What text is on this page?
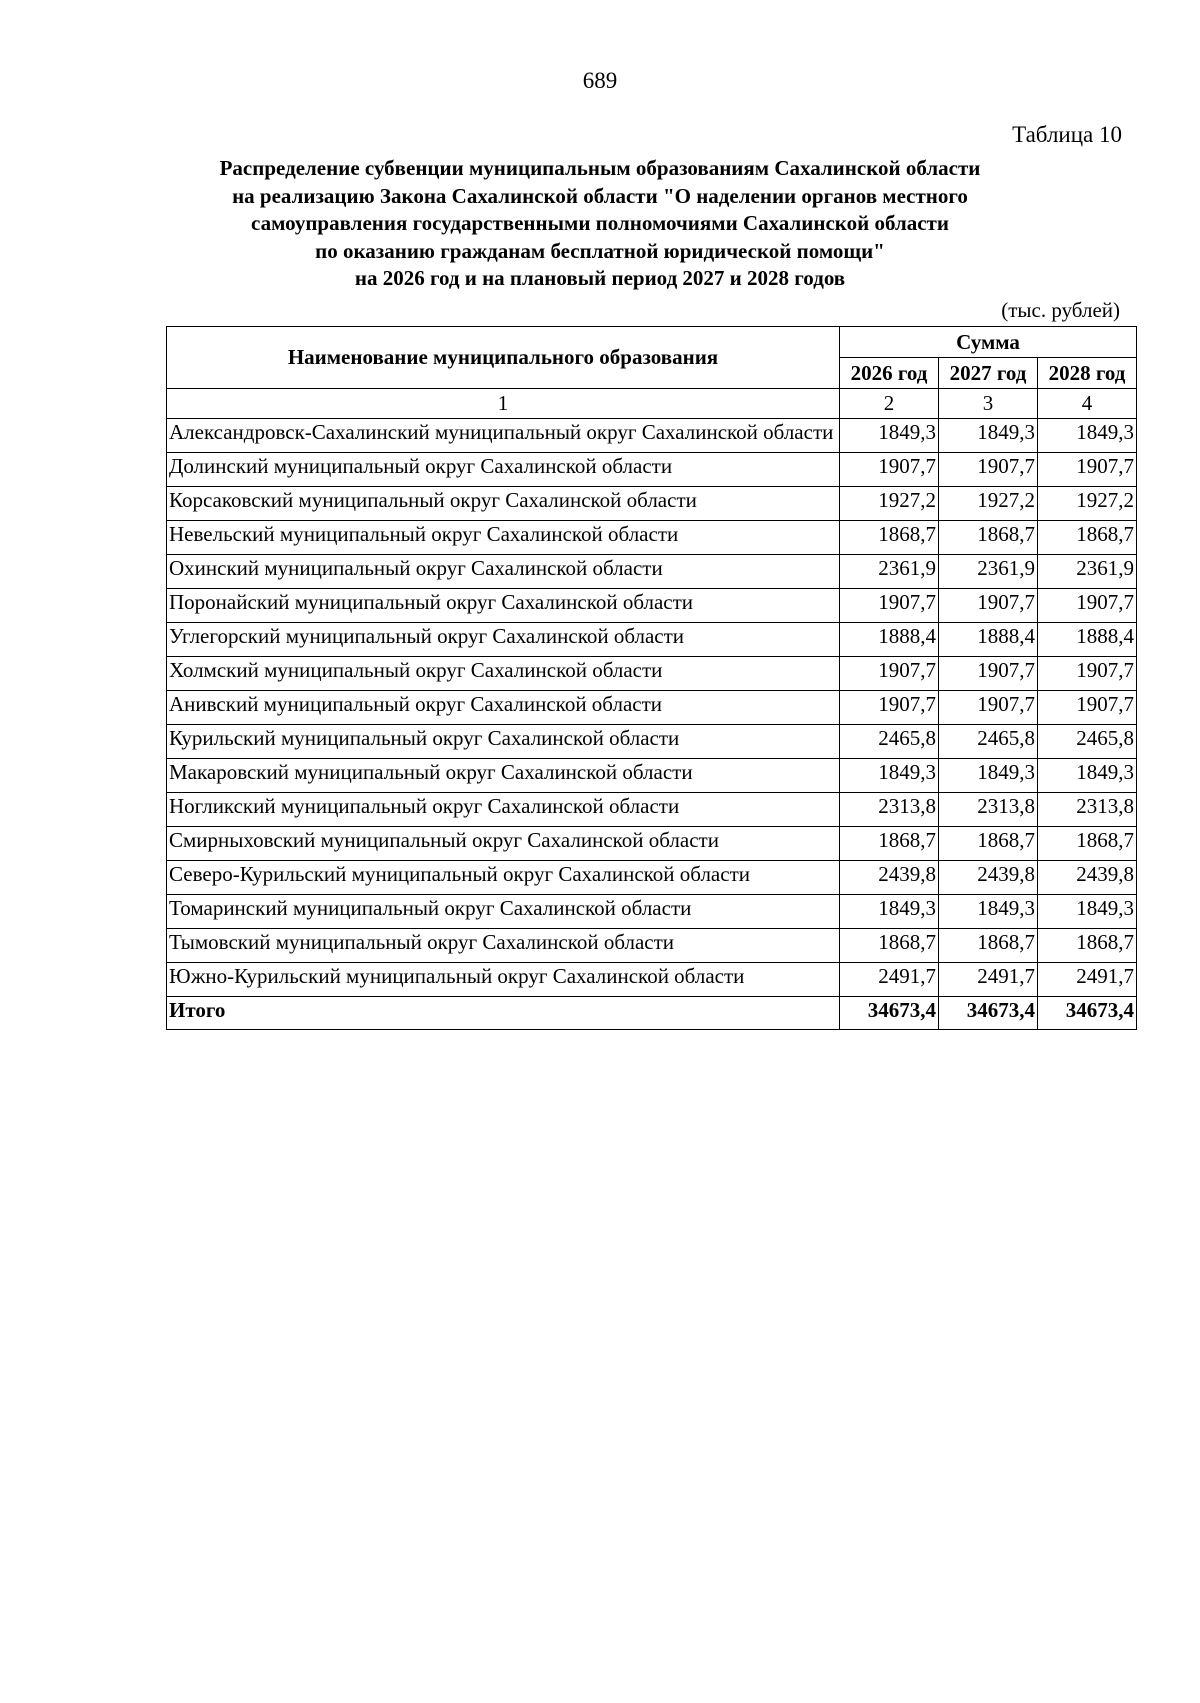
689
Таблица 10
Распределение субвенции муниципальным образованиям Сахалинской области
на реализацию Закона Сахалинской области "О наделении органов местного
самоуправления государственными полномочиями Сахалинской области
по оказанию гражданам бесплатной юридической помощи"
на 2026 год и на плановый период 2027 и 2028 годов
(тыс. рублей)
Наименование муниципального образования	Сумма		
	2026 год	2027 год	2028 год
1	2	3	4
Александровск-Сахалинский муниципальный округ Сахалинской области	1849,3	1849,3	1849,3
Долинский муниципальный округ Сахалинской области	1907,7	1907,7	1907,7
Корсаковский муниципальный округ Сахалинской области	1927,2	1927,2	1927,2
Невельский муниципальный округ Сахалинской области	1868,7	1868,7	1868,7
Охинский муниципальный округ Сахалинской области	2361,9	2361,9	2361,9
Поронайский муниципальный округ Сахалинской области	1907,7	1907,7	1907,7
Углегорский муниципальный округ Сахалинской области	1888,4	1888,4	1888,4
Холмский муниципальный округ Сахалинской области	1907,7	1907,7	1907,7
Анивский муниципальный округ Сахалинской области	1907,7	1907,7	1907,7
Курильский муниципальный округ Сахалинской области	2465,8	2465,8	2465,8
Макаровский муниципальный округ Сахалинской области	1849,3	1849,3	1849,3
Ногликский муниципальный округ Сахалинской области	2313,8	2313,8	2313,8
Смирныховский муниципальный округ Сахалинской области	1868,7	1868,7	1868,7
Северо-Курильский муниципальный округ Сахалинской области	2439,8	2439,8	2439,8
Томаринский муниципальный округ Сахалинской области	1849,3	1849,3	1849,3
Тымовский муниципальный округ Сахалинской области	1868,7	1868,7	1868,7
Южно-Курильский муниципальный округ Сахалинской области	2491,7	2491,7	2491,7
Итого	34673,4	34673,4	34673,4
